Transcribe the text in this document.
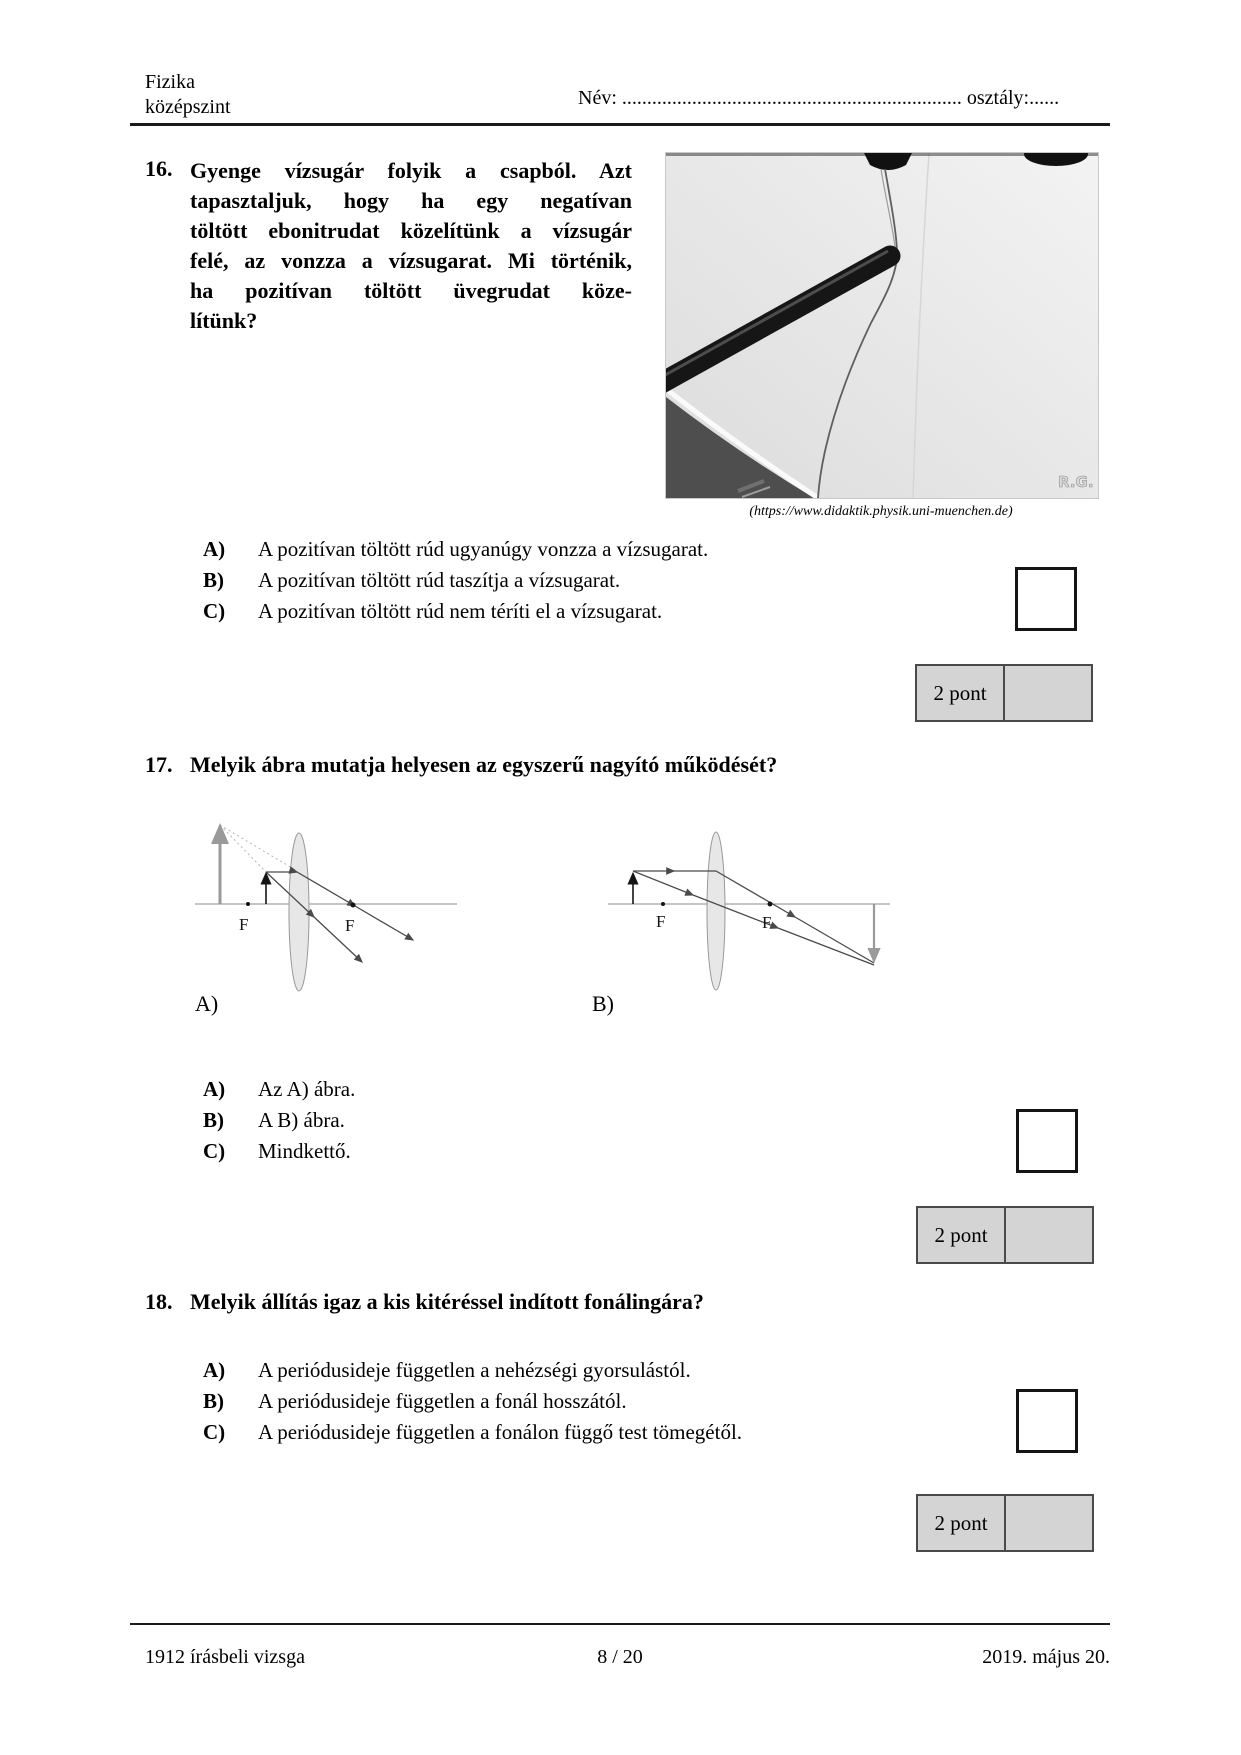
Fizika
középszint	Név: .................................................................... osztály:......
16. Gyenge vízsugár folyik a csapból. Azt
tapasztaljuk, hogy ha egy negatívan
töltött ebonitrudat közelítünk a vízsugár
felé, az vonzza a vízsugarat. Mi történik,
ha pozitívan töltött üvegrudat köze-
lítünk?
R.G.
(https://www.didaktik.physik.uni-muenchen.de)
A)	A pozitívan töltött rúd ugyanúgy vonzza a vízsugarat.
B)	A pozitívan töltött rúd taszítja a vízsugarat.
C)	A pozitívan töltött rúd nem téríti el a vízsugarat.
2 pont
17. Melyik ábra mutatja helyesen az egyszerű nagyító működését?
F	F	F	F
A)	B)
A)	Az A) ábra.
B)	A B) ábra.
C)	Mindkettő.
2 pont
18. Melyik állítás igaz a kis kitéréssel indított fonálingára?
A)	A periódusideje független a nehézségi gyorsulástól.
B)	A periódusideje független a fonál hosszától.
C)	A periódusideje független a fonálon függő test tömegétől.
2 pont
1912 írásbeli vizsga	8 / 20	2019. május 20.
